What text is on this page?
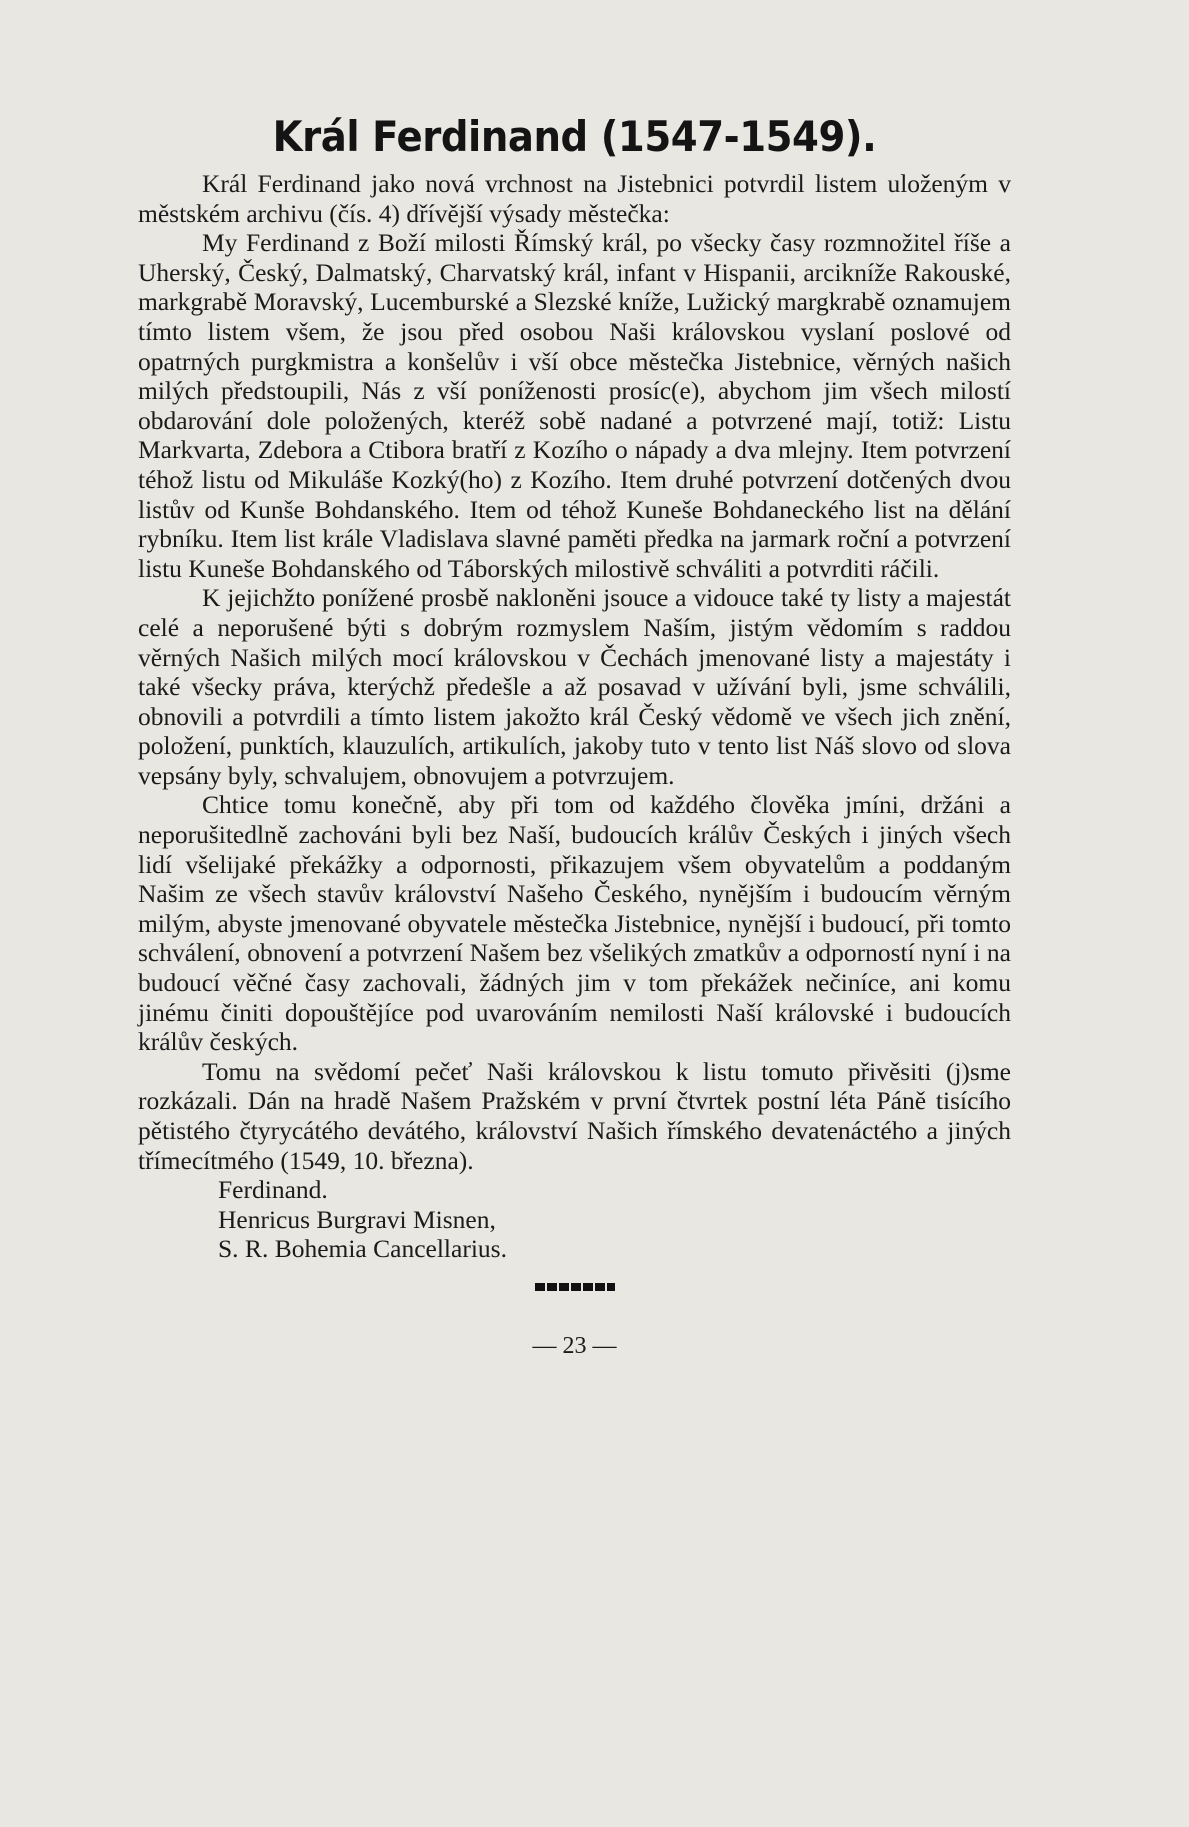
Král Ferdinand (1547-1549).

Král Ferdinand jako nová vrchnost na Jistebnici potvrdil listem uloženým v městském archivu (čís. 4) dřívější výsady městečka:

My Ferdinand z Boží milosti Římský král, po všecky časy rozmnožitel říše a Uherský, Český, Dalmatský, Charvatský král, infant v Hispanii, arcikníže Rakouské, markgrabě Moravský, Lucemburské a Slezské kníže, Lužický margkrabě oznamujem tímto listem všem, že jsou před osobou Naši královskou vyslaní poslové od opatrných purgkmistra a konšelův i vší obce městečka Jistebnice, věrných našich milých předstoupili, Nás z vší poníženosti prosíc(e), abychom jim všech milostí obdarování dole položených, kteréž sobě nadané a potvrzené mají, totiž: Listu Markvarta, Zdebora a Ctibora bratří z Kozího o nápady a dva mlejny. Item potvrzení téhož listu od Mikuláše Kozký(ho) z Kozího. Item druhé potvrzení dotčených dvou listův od Kunše Bohdanského. Item od téhož Kuneše Bohdaneckého list na dělání rybníku. Item list krále Vladislava slavné paměti předka na jarmark roční a potvrzení listu Kuneše Bohdanského od Táborských milostivě schváliti a potvrditi ráčili.

K jejichžto ponížené prosbě nakloněni jsouce a vidouce také ty listy a majestát celé a neporušené býti s dobrým rozmyslem Naším, jistým vědomím s raddou věrných Našich milých mocí královskou v Čechách jmenované listy a majestáty i také všecky práva, kterýchž předešle a až posavad v užívání byli, jsme schválili, obnovili a potvrdili a tímto listem jakožto král Český vědomě ve všech jich znění, položení, punktích, klauzulích, artikulích, jakoby tuto v tento list Náš slovo od slova vepsány byly, schvalujem, obnovujem a potvrzujem.

Chtice tomu konečně, aby při tom od každého člověka jmíni, držáni a neporušitedlně zachováni byli bez Naší, budoucích králův Českých i jiných všech lidí všelijaké překážky a odpornosti, přikazujem všem obyvatelům a poddaným Našim ze všech stavův království Našeho Českého, nynějším i budoucím věrným milým, abyste jmenované obyvatele městečka Jistebnice, nynější i budoucí, při tomto schválení, obnovení a potvrzení Našem bez všelikých zmatkův a odporností nyní i na budoucí věčné časy zachovali, žádných jim v tom překážek nečiníce, ani komu jinému činiti dopouštějíce pod uvarováním nemilosti Naší královské i budoucích králův českých.

Tomu na svědomí pečeť Naši královskou k listu tomuto přivěsiti (j)sme rozkázali. Dán na hradě Našem Pražském v první čtvrtek postní léta Páně tisícího pětistého čtyrycátého devátého, království Našich římského devatenáctého a jiných třímecítmého (1549, 10. března).

Ferdinand.
Henricus Burgravi Misnen,
S. R. Bohemia Cancellarius.
— 23 —
